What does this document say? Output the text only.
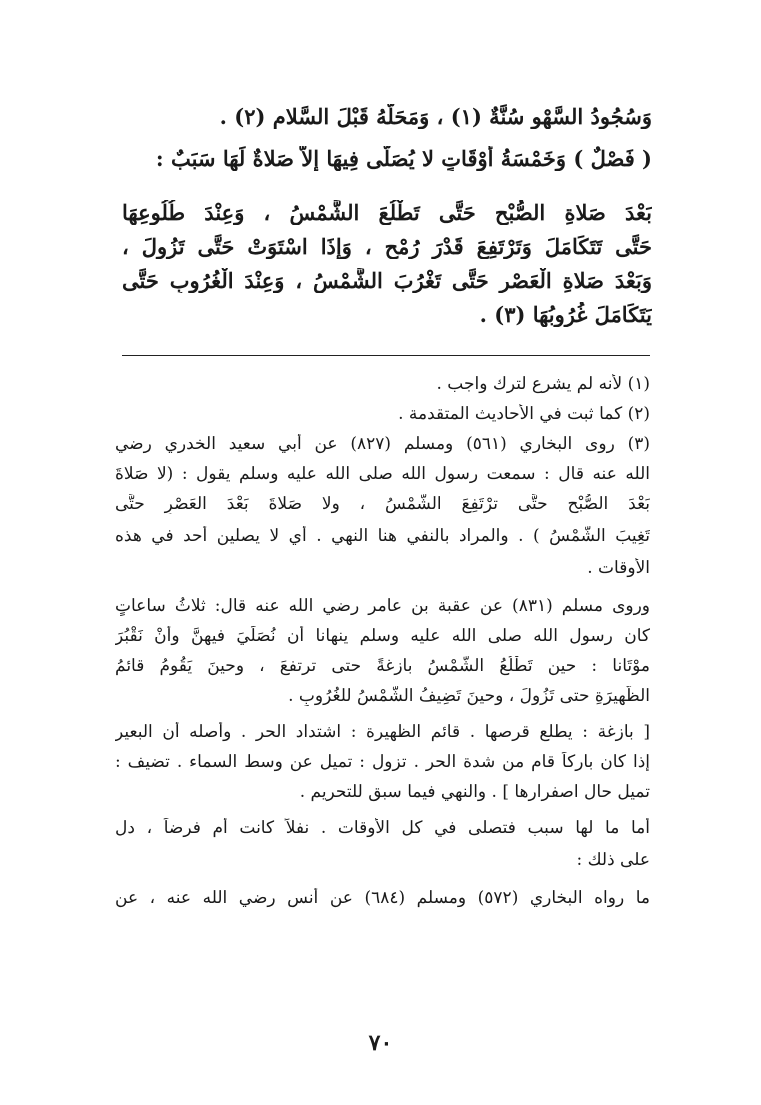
وَسُجُودُ السَّهْوِ سُنَّةٌ (١) ، وَمَحَلُّهُ قَبْلَ السَّلامِ (٢) .
( فَصْلٌ ) وَخَمْسَةُ أَوْقَاتٍ لا يُصَلَّى فِيهَا إِلاَّ صَلاةٌ لَهَا سَبَبٌ :
بَعْدَ صَلاةِ الصُّبْحِ حَتَّى تَطْلُعَ الشَّمْسُ ، وَعِنْدَ طُلُوعِهَا
حَتَّى تَتَكَامَلَ وَتَرْتَفِعَ قَدْرَ رُمْحٍ ، وَإِذَا اسْتَوَتْ حَتَّى تَزُولَ ،
وَبَعْدَ صَلاةِ الْعَصْرِ حَتَّى تَغْرُبَ الشَّمْسُ ، وَعِنْدَ الْغُرُوبِ حَتَّى
يَتَكَامَلَ غُرُوبُهَا (٣) .
(١) لأنه لم يشرع لترك واجب .
(٢) كما ثبت في الأحاديث المتقدمة .
(٣) روى البخاري (٥٦١) ومسلم (٨٢٧) عن أبي سعيد الخدري رضي
الله عنه قال : سمعت رسول الله صلى الله عليه وسلم يقول : (لا صَلاةَ
بَعْدَ الصُّبْحِ حتَّى ترْتَفِعَ الشَّمْسُ ، ولا صَلاةَ بَعْدَ العَصْرِ حتَّى
تَغِيبَ الشَّمْسُ ) . والمراد بالنفي هنا النهي . أي لا يصلين أحد في هذه
الأوقات .
وروى مسلم (٨٣١) عن عقبة بن عامر رضي الله عنه قال: ثلاثُ ساعاتٍ
كان رسول الله صلى الله عليه وسلم ينهانا أن نُصَلِّيَ فيهِنَّ وأنْ نَقْبُرَ
موْتَانا : حين تَطْلُعُ الشَّمْسُ بازغةً حتى ترتفعَ ، وحينَ يَقُومُ قائمُ
الظَّهِيرَةِ حتى تَزُولَ ، وحينَ تَضِيفُ الشَّمْسُ للغُرُوبِ .
[ بازغة : يطلع قرصها . قائم الظهيرة : اشتداد الحر . وأصله أن البعير
إذا كان باركاً قام من شدة الحر . تزول : تميل عن وسط السماء . تضيف :
تميل حال اصفرارها ] . والنهي فيما سبق للتحريم .
أما ما لها سبب فتصلى في كل الأوقات . نفلاً كانت أم فرضاً ، دل
على ذلك :
ما رواه البخاري (٥٧٢) ومسلم (٦٨٤) عن أنس رضي الله عنه ، عن
٧٠
